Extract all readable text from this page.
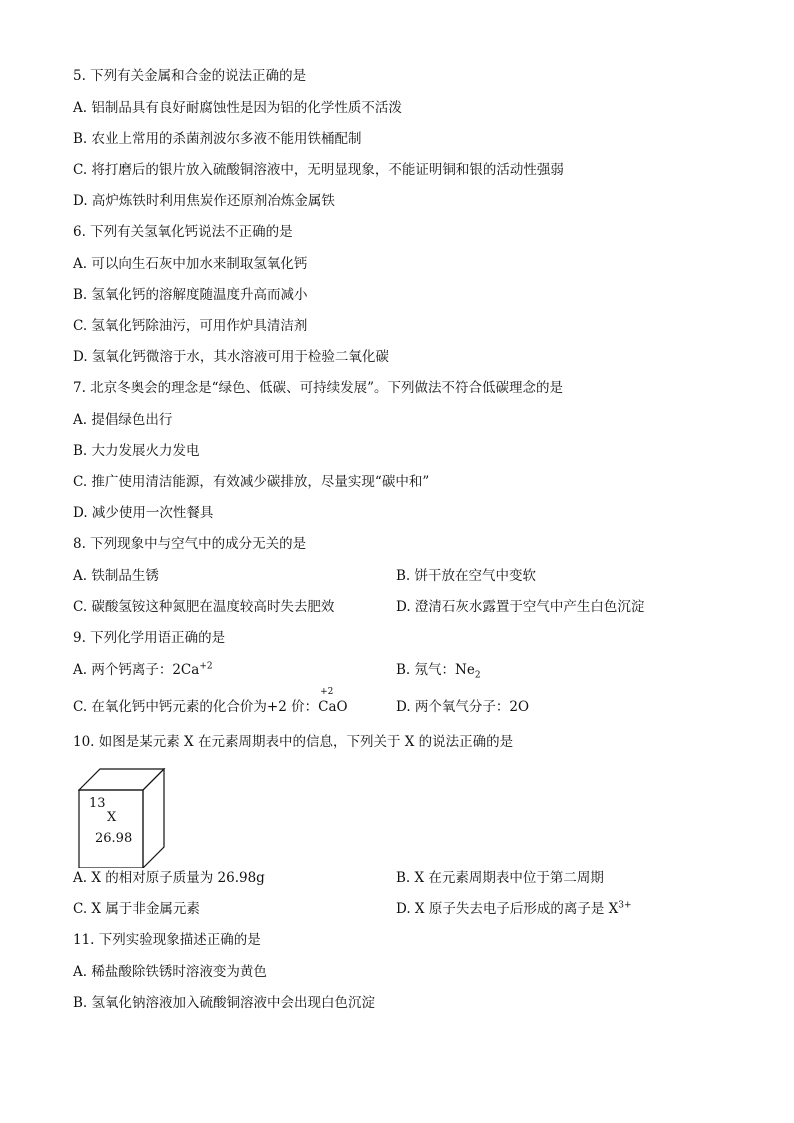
5. 下列有关金属和合金的说法正确的是
A. 铝制品具有良好耐腐蚀性是因为铝的化学性质不活泼
B. 农业上常用的杀菌剂波尔多液不能用铁桶配制
C. 将打磨后的银片放入硫酸铜溶液中，无明显现象，不能证明铜和银的活动性强弱
D. 高炉炼铁时利用焦炭作还原剂冶炼金属铁
6. 下列有关氢氧化钙说法不正确的是
A. 可以向生石灰中加水来制取氢氧化钙
B. 氢氧化钙的溶解度随温度升高而减小
C. 氢氧化钙除油污，可用作炉具清洁剂
D. 氢氧化钙微溶于水，其水溶液可用于检验二氧化碳
7. 北京冬奥会的理念是“绿色、低碳、可持续发展”。下列做法不符合低碳理念的是
A. 提倡绿色出行
B. 大力发展火力发电
C. 推广使用清洁能源，有效减少碳排放，尽量实现“碳中和”
D. 减少使用一次性餐具
8. 下列现象中与空气中的成分无关的是
A. 铁制品生锈	B. 饼干放在空气中变软
C. 碳酸氢铵这种氮肥在温度较高时失去肥效	D. 澄清石灰水露置于空气中产生白色沉淀
9. 下列化学用语正确的是
A. 两个钙离子：$2Ca^{+2}$	B. 氖气：$Ne_2$
C. 在氧化钙中钙元素的化合价为+2 价：
+2
CaO	D. 两个氧气分子：2O
10. 如图是某元素 X 在元素周期表中的信息，下列关于 X 的说法正确的是
13
X
26.98
A. X 的相对原子质量为 26.98g	B. X 在元素周期表中位于第二周期
C. X 属于非金属元素	D. X 原子失去电子后形成的离子是 $X^{3+}$
11. 下列实验现象描述正确的是
A. 稀盐酸除铁锈时溶液变为黄色
B. 氢氧化钠溶液加入硫酸铜溶液中会出现白色沉淀
